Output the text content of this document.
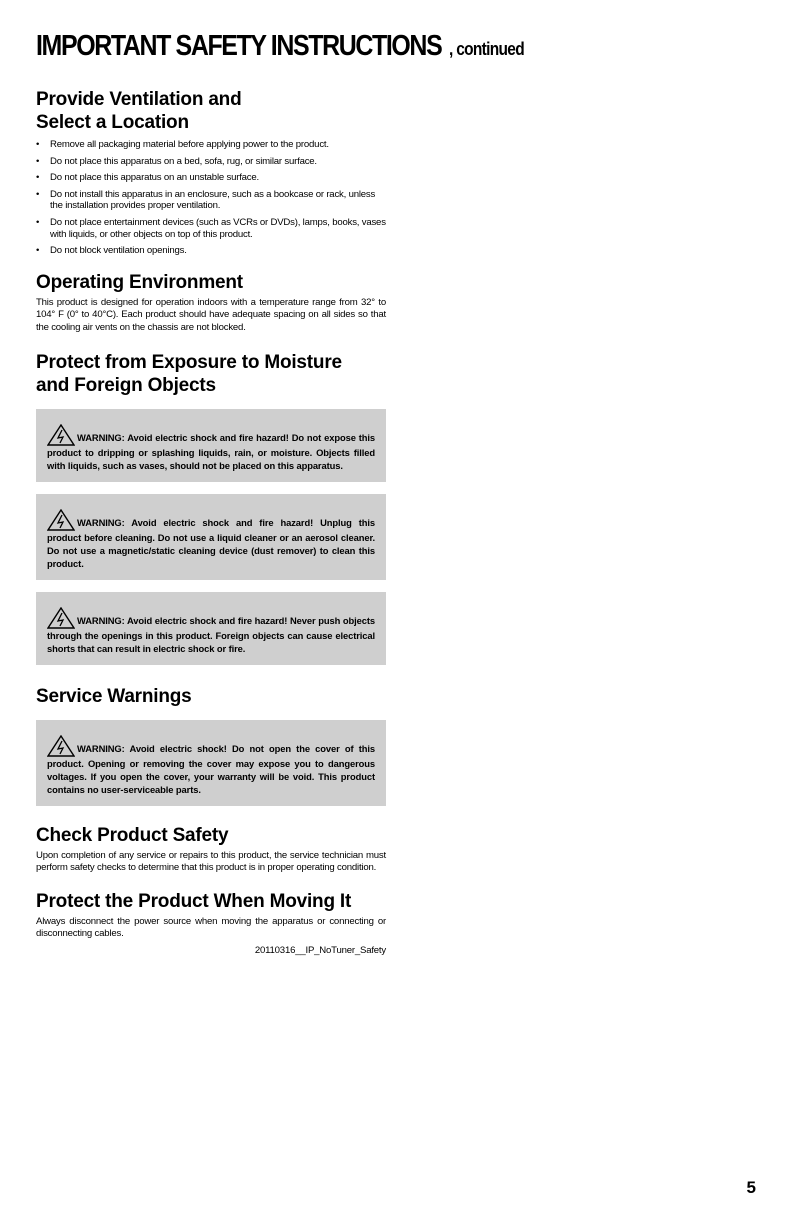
IMPORTANT SAFETY INSTRUCTIONS , continued
Provide Ventilation and
Select a Location
• Remove all packaging material before applying power to the product.
• Do not place this apparatus on a bed, sofa, rug, or similar surface.
• Do not place this apparatus on an unstable surface.
• Do not install this apparatus in an enclosure, such as a bookcase or rack, unless the installation provides proper ventilation.
• Do not place entertainment devices (such as VCRs or DVDs), lamps, books, vases with liquids, or other objects on top of this product.
• Do not block ventilation openings.
Operating Environment

This product is designed for operation indoors with a temperature range from 32° to 104° F (0° to 40°C). Each product should have adequate spacing on all sides so that the cooling air vents on the chassis are not blocked.

Protect from Exposure to Moisture
and Foreign Objects
WARNING: Avoid electric shock and fire hazard! Do not expose this product to dripping or splashing liquids, rain, or moisture. Objects filled with liquids, such as vases, should not be placed on this apparatus.
WARNING: Avoid electric shock and fire hazard! Unplug this product before cleaning. Do not use a liquid cleaner or an aerosol cleaner. Do not use a magnetic/static cleaning device (dust remover) to clean this product.
WARNING: Avoid electric shock and fire hazard! Never push objects through the openings in this product. Foreign objects can cause electrical shorts that can result in electric shock or fire.
Service Warnings
WARNING: Avoid electric shock! Do not open the cover of this product. Opening or removing the cover may expose you to dangerous voltages. If you open the cover, your warranty will be void. This product contains no user-serviceable parts.
Check Product Safety

Upon completion of any service or repairs to this product, the service technician must perform safety checks to determine that this product is in proper operating condition.

Protect the Product When Moving It

Always disconnect the power source when moving the apparatus or connecting or disconnecting cables.

20110316__IP_NoTuner_Safety
5
